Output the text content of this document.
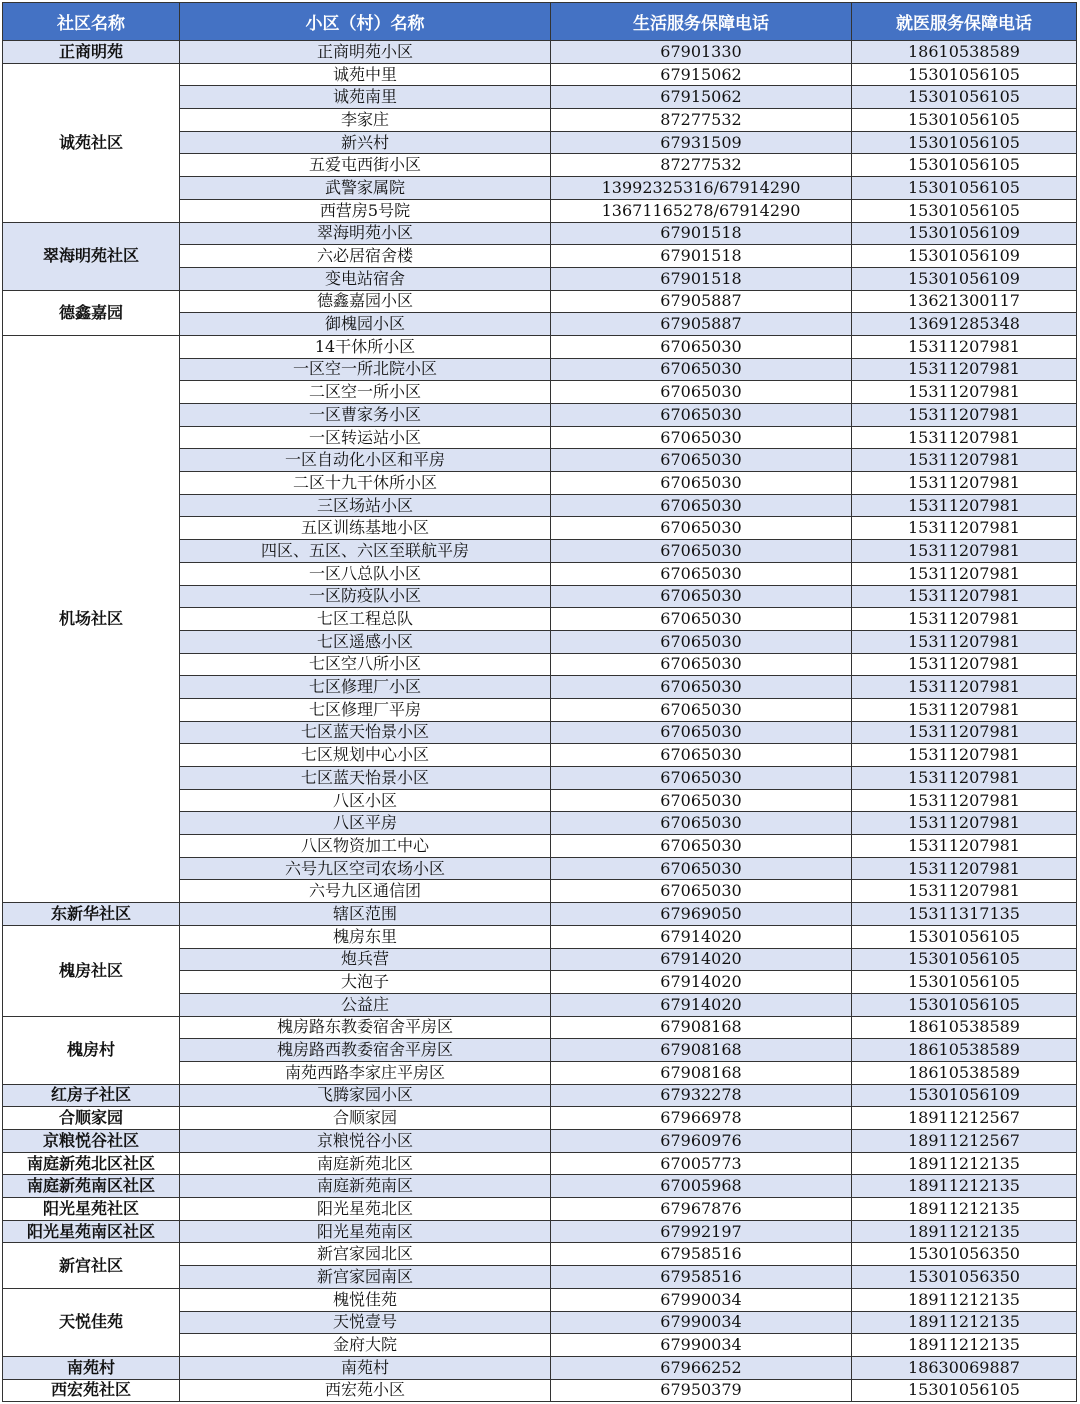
社区名称	小区（村）名称	生活服务保障电话	就医服务保障电话
正商明苑	正商明苑小区	67901330	18610538589
诚苑社区	诚苑中里	67915062	15301056105
	诚苑南里	67915062	15301056105
	李家庄	87277532	15301056105
	新兴村	67931509	15301056105
	五爱屯西街小区	87277532	15301056105
	武警家属院	13992325316/67914290	15301056105
	西营房5号院	13671165278/67914290	15301056105
翠海明苑社区	翠海明苑小区	67901518	15301056109
	六必居宿舍楼	67901518	15301056109
	变电站宿舍	67901518	15301056109
德鑫嘉园	德鑫嘉园小区	67905887	13621300117
	御槐园小区	67905887	13691285348
机场社区	14干休所小区	67065030	15311207981
	一区空一所北院小区	67065030	15311207981
	二区空一所小区	67065030	15311207981
	一区曹家务小区	67065030	15311207981
	一区转运站小区	67065030	15311207981
	一区自动化小区和平房	67065030	15311207981
	二区十九干休所小区	67065030	15311207981
	三区场站小区	67065030	15311207981
	五区训练基地小区	67065030	15311207981
	四区、五区、六区至联航平房	67065030	15311207981
	一区八总队小区	67065030	15311207981
	一区防疫队小区	67065030	15311207981
	七区工程总队	67065030	15311207981
	七区遥感小区	67065030	15311207981
	七区空八所小区	67065030	15311207981
	七区修理厂小区	67065030	15311207981
	七区修理厂平房	67065030	15311207981
	七区蓝天怡景小区	67065030	15311207981
	七区规划中心小区	67065030	15311207981
	七区蓝天怡景小区	67065030	15311207981
	八区小区	67065030	15311207981
	八区平房	67065030	15311207981
	八区物资加工中心	67065030	15311207981
	六号九区空司农场小区	67065030	15311207981
	六号九区通信团	67065030	15311207981
东新华社区	辖区范围	67969050	15311317135
槐房社区	槐房东里	67914020	15301056105
	炮兵营	67914020	15301056105
	大泡子	67914020	15301056105
	公益庄	67914020	15301056105
槐房村	槐房路东教委宿舍平房区	67908168	18610538589
	槐房路西教委宿舍平房区	67908168	18610538589
	南苑西路李家庄平房区	67908168	18610538589
红房子社区	飞腾家园小区	67932278	15301056109
合顺家园	合顺家园	67966978	18911212567
京粮悦谷社区	京粮悦谷小区	67960976	18911212567
南庭新苑北区社区	南庭新苑北区	67005773	18911212135
南庭新苑南区社区	南庭新苑南区	67005968	18911212135
阳光星苑社区	阳光星苑北区	67967876	18911212135
阳光星苑南区社区	阳光星苑南区	67992197	18911212135
新宫社区	新宫家园北区	67958516	15301056350
	新宫家园南区	67958516	15301056350
天悦佳苑	槐悦佳苑	67990034	18911212135
	天悦壹号	67990034	18911212135
	金府大院	67990034	18911212135
南苑村	南苑村	67966252	18630069887
西宏苑社区	西宏苑小区	67950379	15301056105
